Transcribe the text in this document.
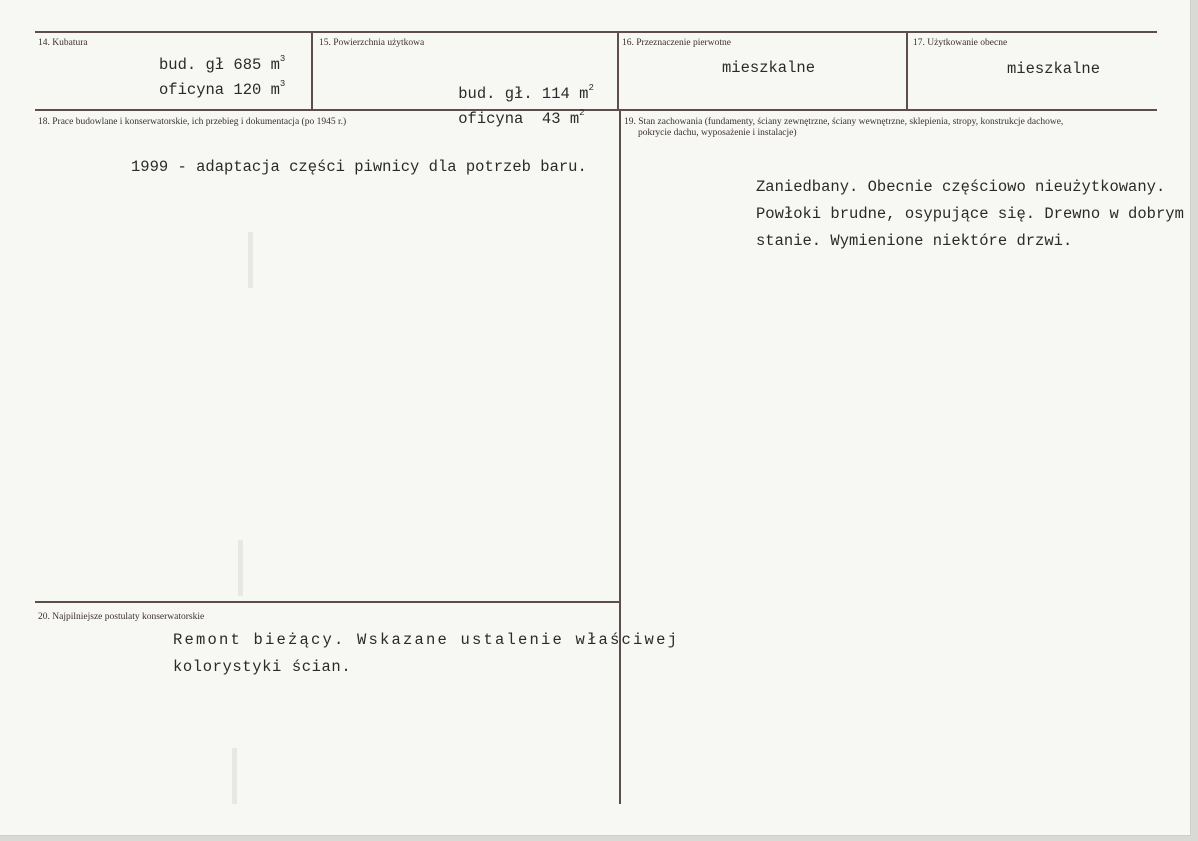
14. Kubatura
bud. gł 685 $m^3$
oficyna 120 $m^3$
15. Powierzchnia użytkowa

bud. gł. 114 $m^2$

oficyna  43 $m^2$

16. Przeznaczenie pierwotne
mieszkalne
17. Użytkowanie obecne
mieszkalne
18. Prace budowlane i konserwatorskie, ich przebieg i dokumentacja (po 1945 r.)
1999 - adaptacja części piwnicy dla potrzeb baru.
19. Stan zachowania (fundamenty, ściany zewnętrzne, ściany wewnętrzne, sklepienia, stropy, konstrukcje dachowe,
pokrycie dachu, wyposażenie i instalacje)
Zaniedbany. Obecnie częściowo nieużytkowany.
Powłoki brudne, osypujące się. Drewno w dobrym
stanie. Wymienione niektóre drzwi.
20. Najpilniejsze postulaty konserwatorskie
Remont bieżący. Wskazane ustalenie właściwej
kolorystyki ścian.
